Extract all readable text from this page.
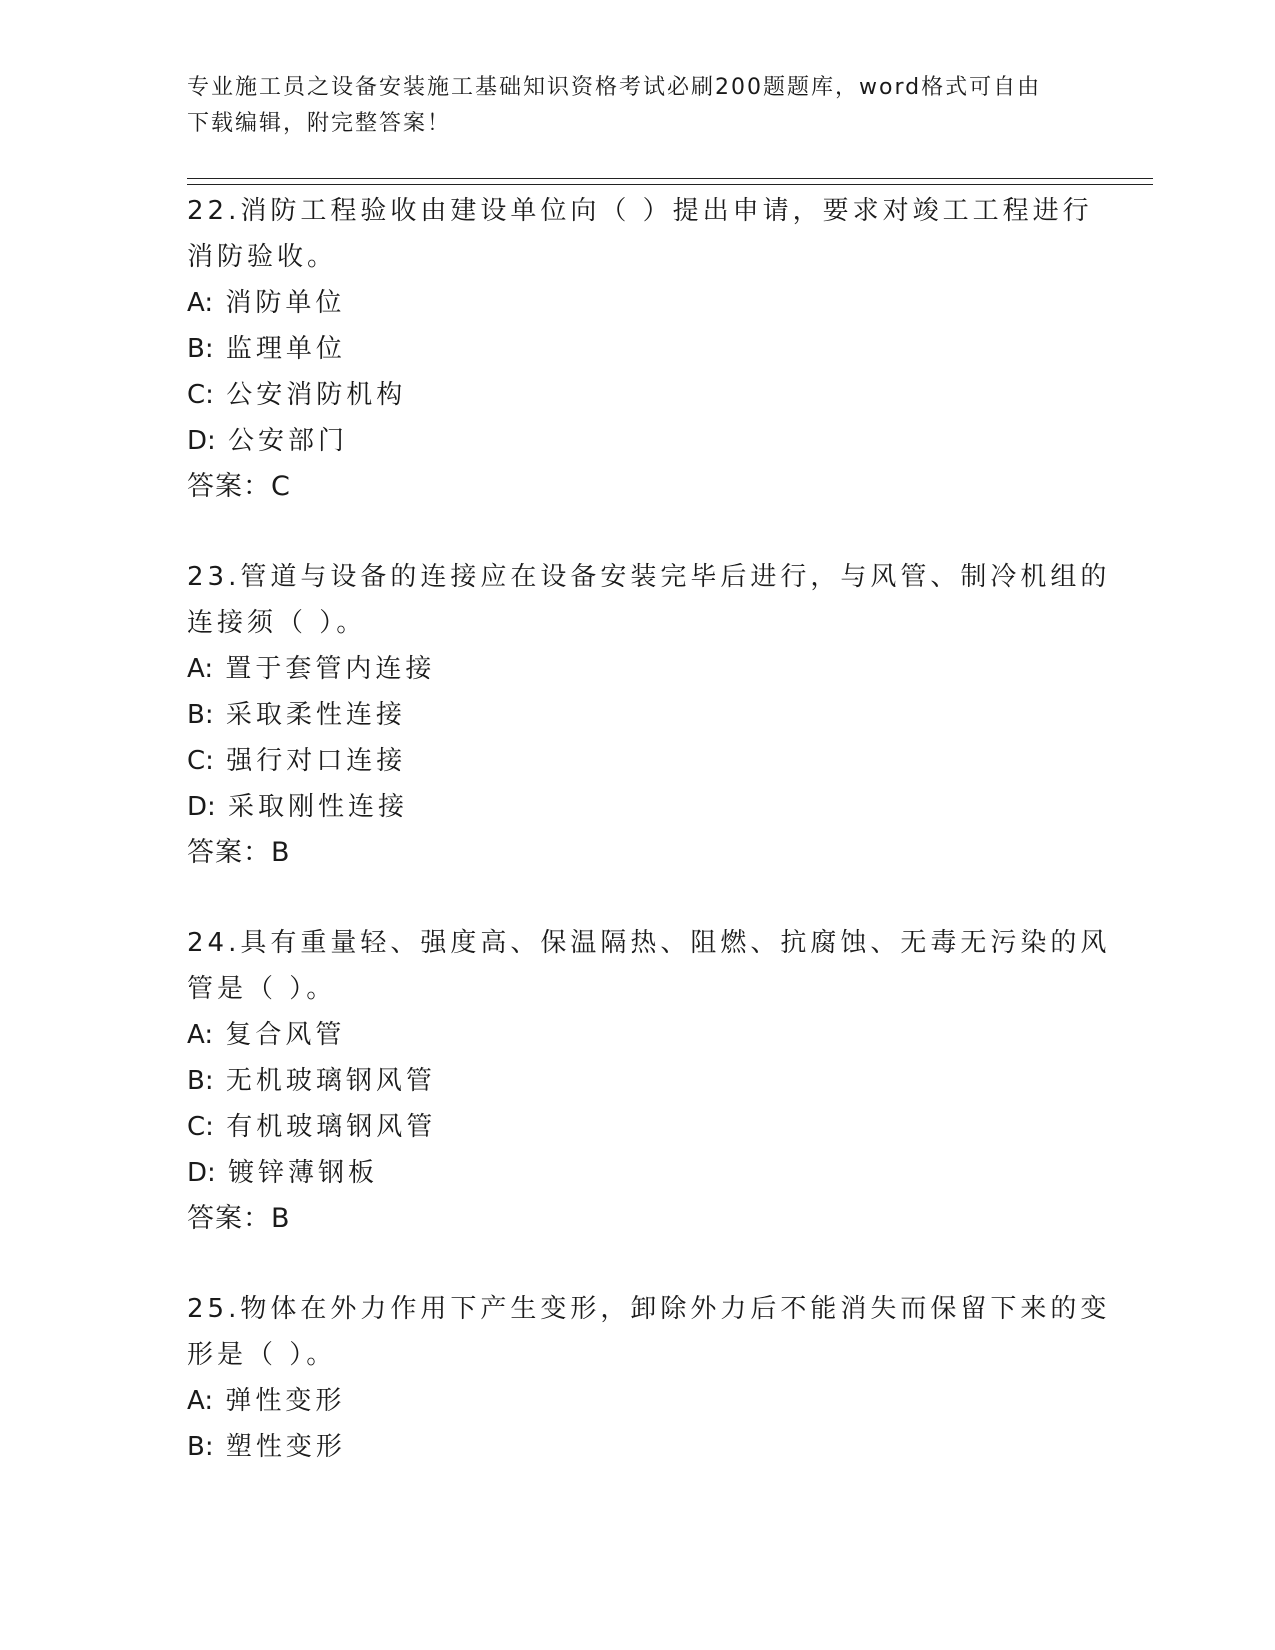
专业施工员之设备安装施工基础知识资格考试必刷200题题库，word格式可自由
下载编辑，附完整答案！
22.消防工程验收由建设单位向（ ）提出申请，要求对竣工工程进行
消防验收。
A: 消防单位
B: 监理单位
C: 公安消防机构
D: 公安部门
答案：C
23.管道与设备的连接应在设备安装完毕后进行，与风管、制冷机组的
连接须（ ）。
A: 置于套管内连接
B: 采取柔性连接
C: 强行对口连接
D: 采取刚性连接
答案：B
24.具有重量轻、强度高、保温隔热、阻燃、抗腐蚀、无毒无污染的风
管是（ ）。
A: 复合风管
B: 无机玻璃钢风管
C: 有机玻璃钢风管
D: 镀锌薄钢板
答案：B
25.物体在外力作用下产生变形，卸除外力后不能消失而保留下来的变
形是（ ）。
A: 弹性变形
B: 塑性变形
